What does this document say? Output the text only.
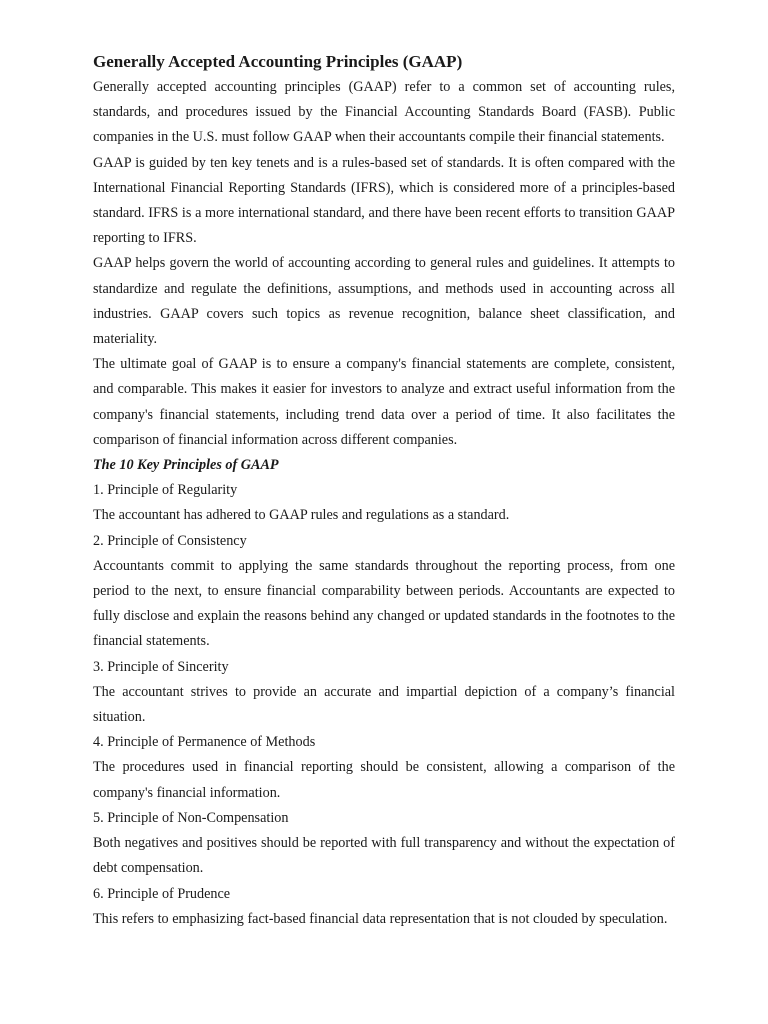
Generally Accepted Accounting Principles (GAAP)

Generally accepted accounting principles (GAAP) refer to a common set of accounting rules, standards, and procedures issued by the Financial Accounting Standards Board (FASB). Public companies in the U.S. must follow GAAP when their accountants compile their financial statements.

GAAP is guided by ten key tenets and is a rules-based set of standards. It is often compared with the International Financial Reporting Standards (IFRS), which is considered more of a principles-based standard. IFRS is a more international standard, and there have been recent efforts to transition GAAP reporting to IFRS.

GAAP helps govern the world of accounting according to general rules and guidelines. It attempts to standardize and regulate the definitions, assumptions, and methods used in accounting across all industries. GAAP covers such topics as revenue recognition, balance sheet classification, and materiality.

The ultimate goal of GAAP is to ensure a company's financial statements are complete, consistent, and comparable. This makes it easier for investors to analyze and extract useful information from the company's financial statements, including trend data over a period of time. It also facilitates the comparison of financial information across different companies.

The 10 Key Principles of GAAP
1. Principle of Regularity

The accountant has adhered to GAAP rules and regulations as a standard.

2. Principle of Consistency

Accountants commit to applying the same standards throughout the reporting process, from one period to the next, to ensure financial comparability between periods. Accountants are expected to fully disclose and explain the reasons behind any changed or updated standards in the footnotes to the financial statements.

3. Principle of Sincerity

The accountant strives to provide an accurate and impartial depiction of a company’s financial situation.

4. Principle of Permanence of Methods

The procedures used in financial reporting should be consistent, allowing a comparison of the company's financial information.

5. Principle of Non-Compensation

Both negatives and positives should be reported with full transparency and without the expectation of debt compensation.

6. Principle of Prudence

This refers to emphasizing fact-based financial data representation that is not clouded by speculation.
